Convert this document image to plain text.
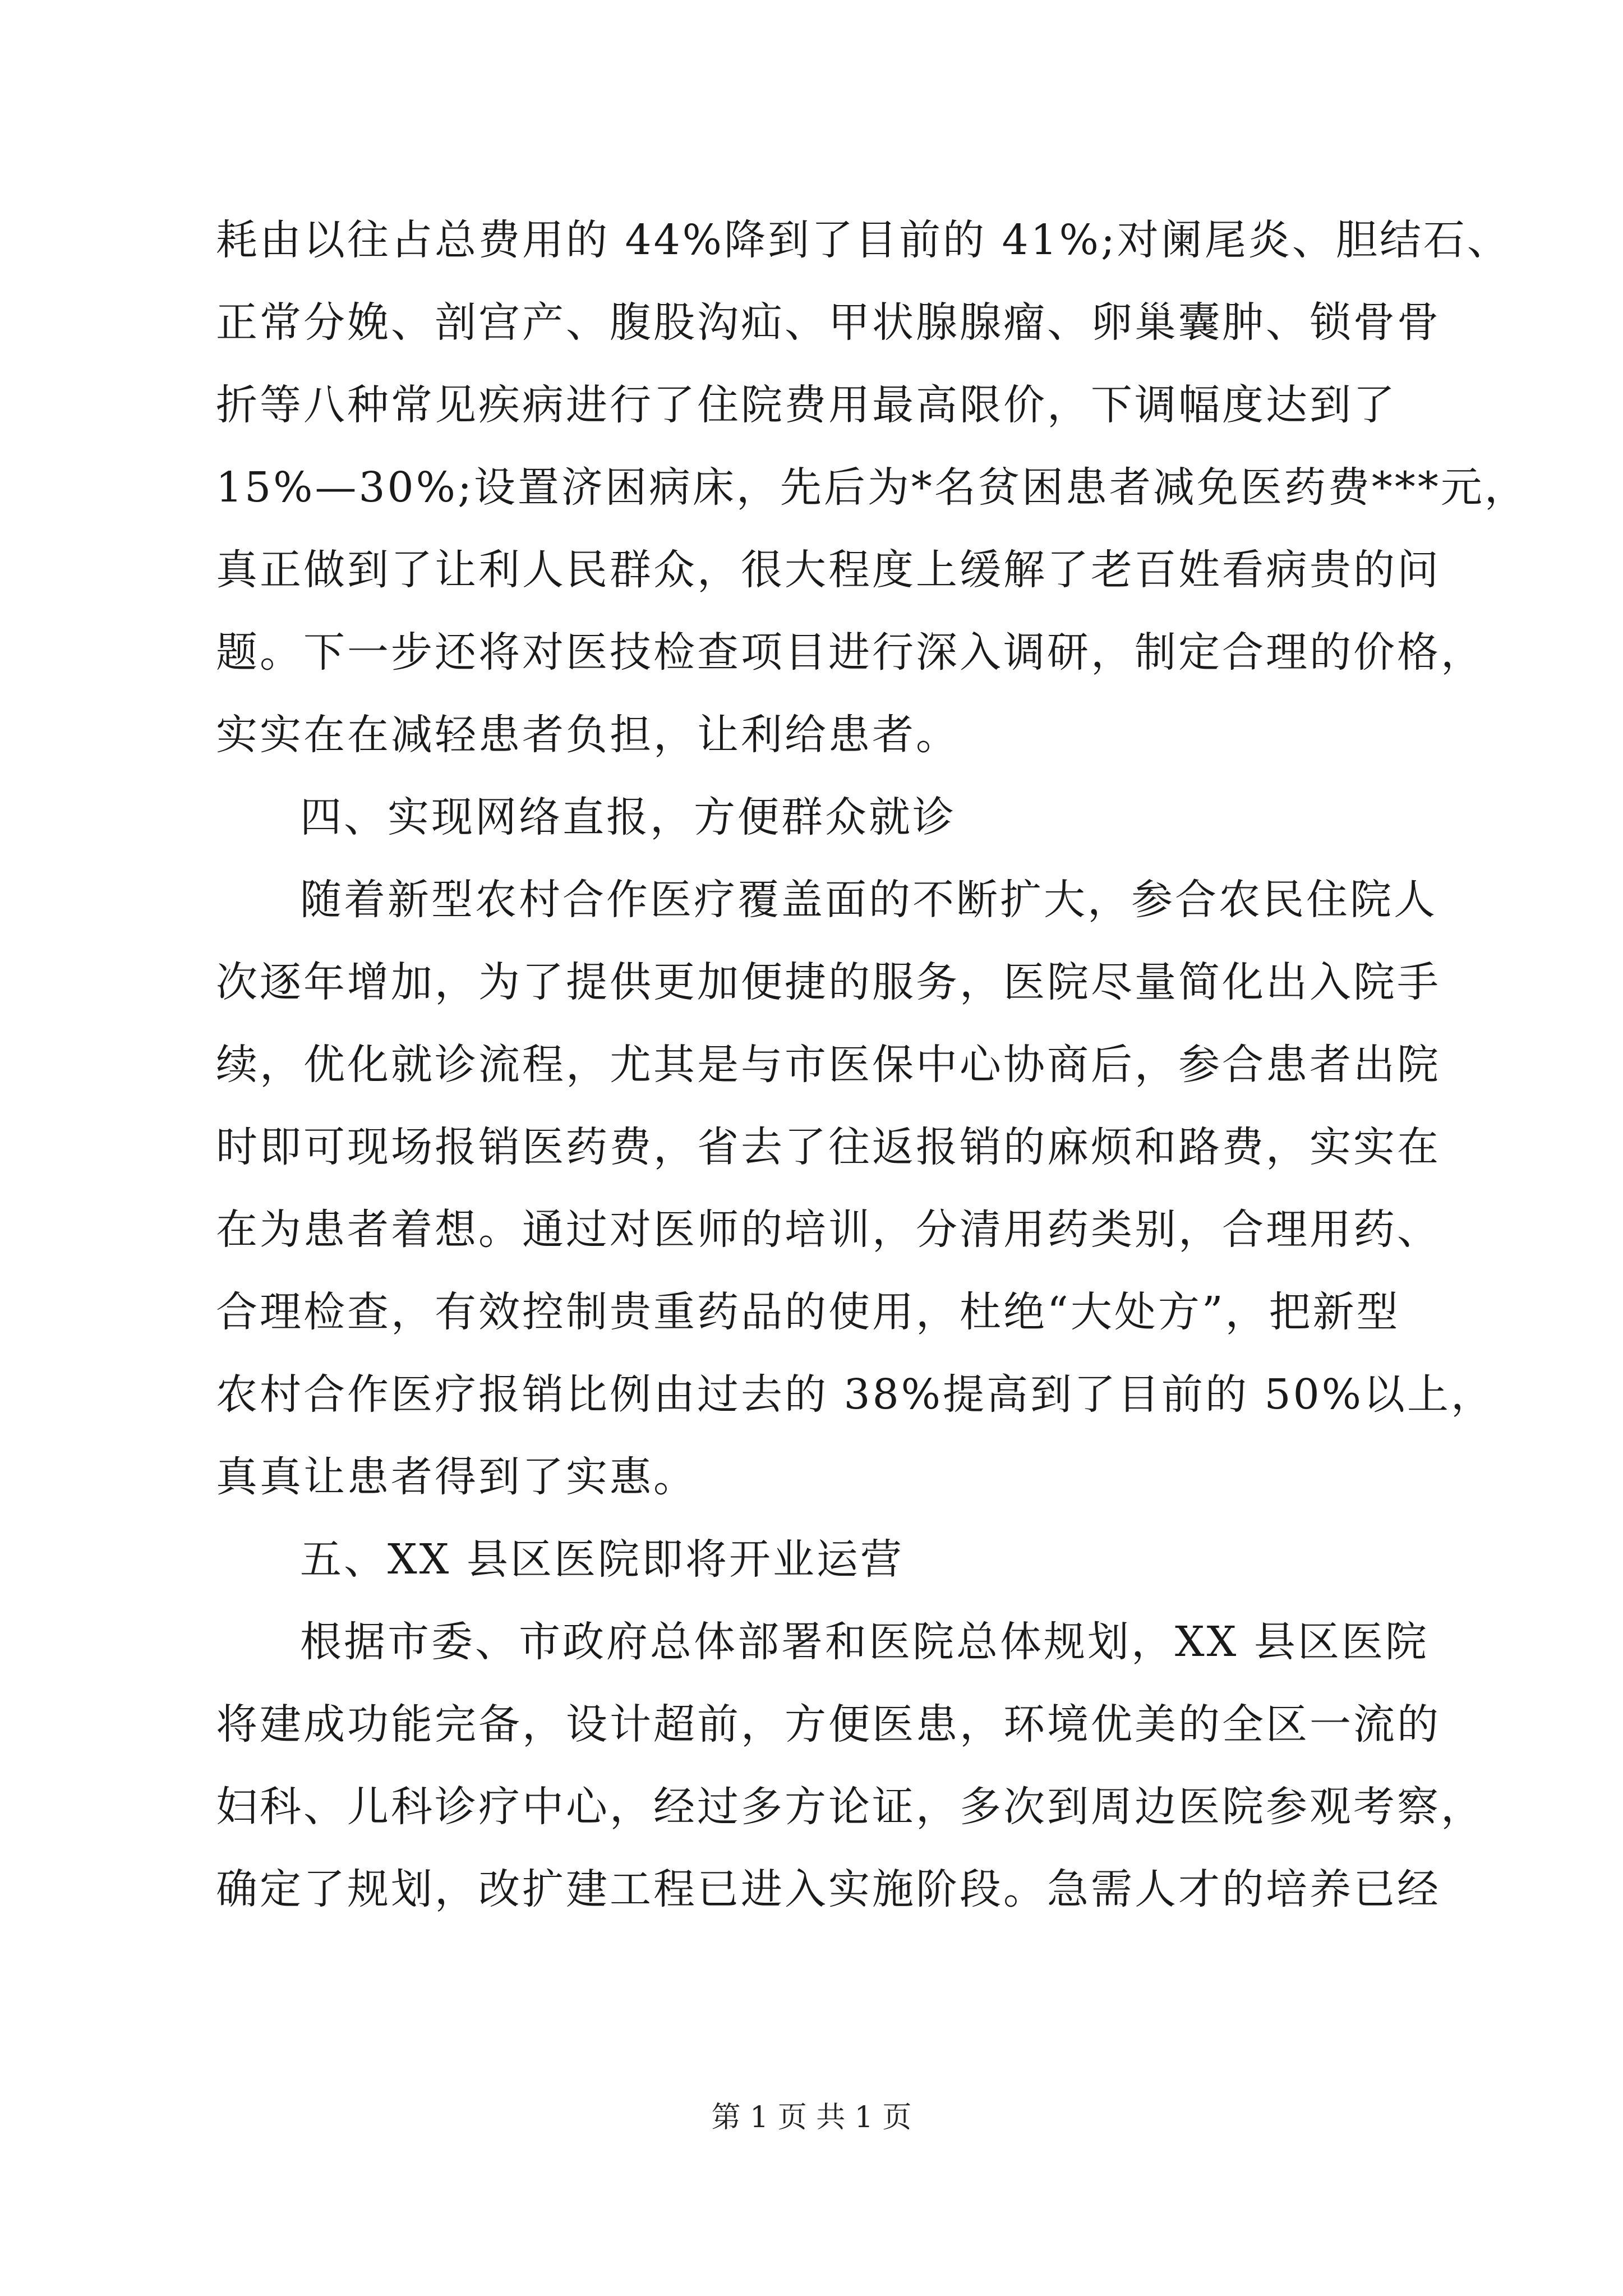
耗由以往占总费用的 44%降到了目前的 41%;对阑尾炎、胆结石、
正常分娩、剖宫产、腹股沟疝、甲状腺腺瘤、卵巢囊肿、锁骨骨
折等八种常见疾病进行了住院费用最高限价，下调幅度达到了
15%—30%;设置济困病床，先后为*名贫困患者减免医药费***元，
真正做到了让利人民群众，很大程度上缓解了老百姓看病贵的问
题。下一步还将对医技检查项目进行深入调研，制定合理的价格，
实实在在减轻患者负担，让利给患者。
四、实现网络直报，方便群众就诊
随着新型农村合作医疗覆盖面的不断扩大，参合农民住院人
次逐年增加，为了提供更加便捷的服务，医院尽量简化出入院手
续，优化就诊流程，尤其是与市医保中心协商后，参合患者出院
时即可现场报销医药费，省去了往返报销的麻烦和路费，实实在
在为患者着想。通过对医师的培训，分清用药类别，合理用药、
合理检查，有效控制贵重药品的使用，杜绝“大处方”，把新型
农村合作医疗报销比例由过去的 38%提高到了目前的 50%以上，
真真让患者得到了实惠。
五、XX 县区医院即将开业运营
根据市委、市政府总体部署和医院总体规划，XX 县区医院
将建成功能完备，设计超前，方便医患，环境优美的全区一流的
妇科、儿科诊疗中心，经过多方论证，多次到周边医院参观考察，
确定了规划，改扩建工程已进入实施阶段。急需人才的培养已经
第 1 页 共 1 页
